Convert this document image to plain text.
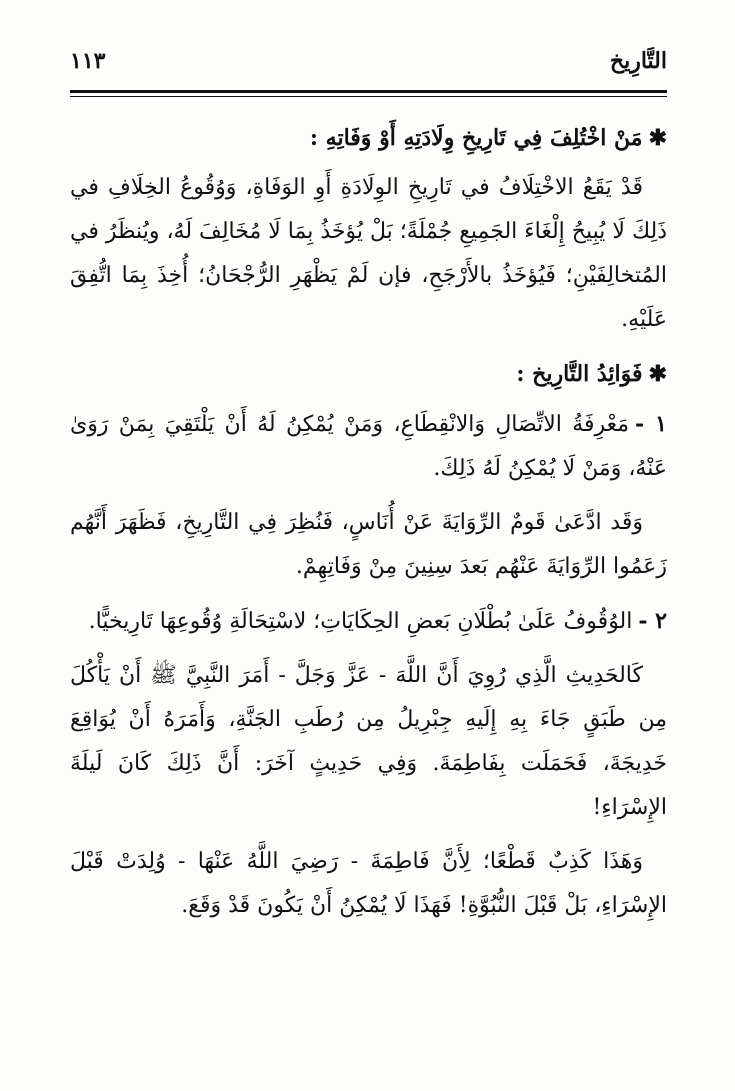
التَّارِيخ
١١٣
✱مَنْ اخْتُلِفَ فِي تَارِيخِ وِلَادَتِهِ أَوْ وَفَاتِهِ :

قَدْ يَقَعُ الاخْتِلَافُ في تَارِيخِ الوِلَادَةِ أَوِ الوَفَاةِ، وَوُقُوعُ الخِلَافِ في ذَلِكَ لَا يُبِيحُ إِلْغَاءَ الجَمِيعِ جُمْلَةً؛ بَلْ يُؤخَذُ بِمَا لَا مُخَالِفَ لَهُ، ويُنظَرُ في المُتخالِفَيْنِ؛ فَيُؤخَذُ بالأَرْجَحِ، فإن لَمْ يَظْهَرِ الرُّجْحَانُ؛ أُخِذَ بِمَا اتُّفِقَ عَلَيْهِ.

✱فَوَائِدُ التَّارِيخ :

١ -مَعْرِفَةُ الاتِّصَالِ وَالانْقِطَاعِ، وَمَنْ يُمْكِنُ لَهُ أَنْ يَلْتَقِيَ بِمَنْ رَوَىٰ عَنْهُ، وَمَنْ لَا يُمْكِنُ لَهُ ذَلِكَ.

وَقَد ادَّعَىٰ قَومٌ الرِّوَايَةَ عَنْ أُنَاسٍ، فَنُظِرَ فِي التَّارِيخِ، فَظَهَرَ أَنَّهُم زَعَمُوا الرِّوَايَةَ عَنْهُم بَعدَ سِنِينَ مِنْ وَفَاتِهِمْ.

٢ -الوُقُوفُ عَلَىٰ بُطْلَانِ بَعضِ الحِكَايَاتِ؛ لاسْتِحَالَةِ وُقُوعِهَا تَارِيخيًّا.

كَالحَدِيثِ الَّذِي رُوِيَ أَنَّ اللَّهَ - عَزَّ وَجَلَّ - أَمَرَ النَّبِيَّ ﷺ أَنْ يَأْكُلَ مِن طَبَقٍ جَاءَ بِهِ إِلَيهِ جِبْرِيلُ مِن رُطَبِ الجَنَّةِ، وَأَمَرَهُ أَنْ يُوَاقِعَ خَدِيجَةَ، فَحَمَلَت بِفَاطِمَةَ. وَفِي حَدِيثٍ آخَرَ: أَنَّ ذَلِكَ كَانَ لَيلَةَ الإِسْرَاءِ!

وَهَذَا كَذِبٌ قَطْعًا؛ لِأَنَّ فَاطِمَةَ - رَضِيَ اللَّهُ عَنْهَا - وُلِدَتْ قَبْلَ الإِسْرَاءِ، بَلْ قَبْلَ النُّبُوَّةِ! فَهَذَا لَا يُمْكِنُ أَنْ يَكُونَ قَدْ وَقَعَ.
